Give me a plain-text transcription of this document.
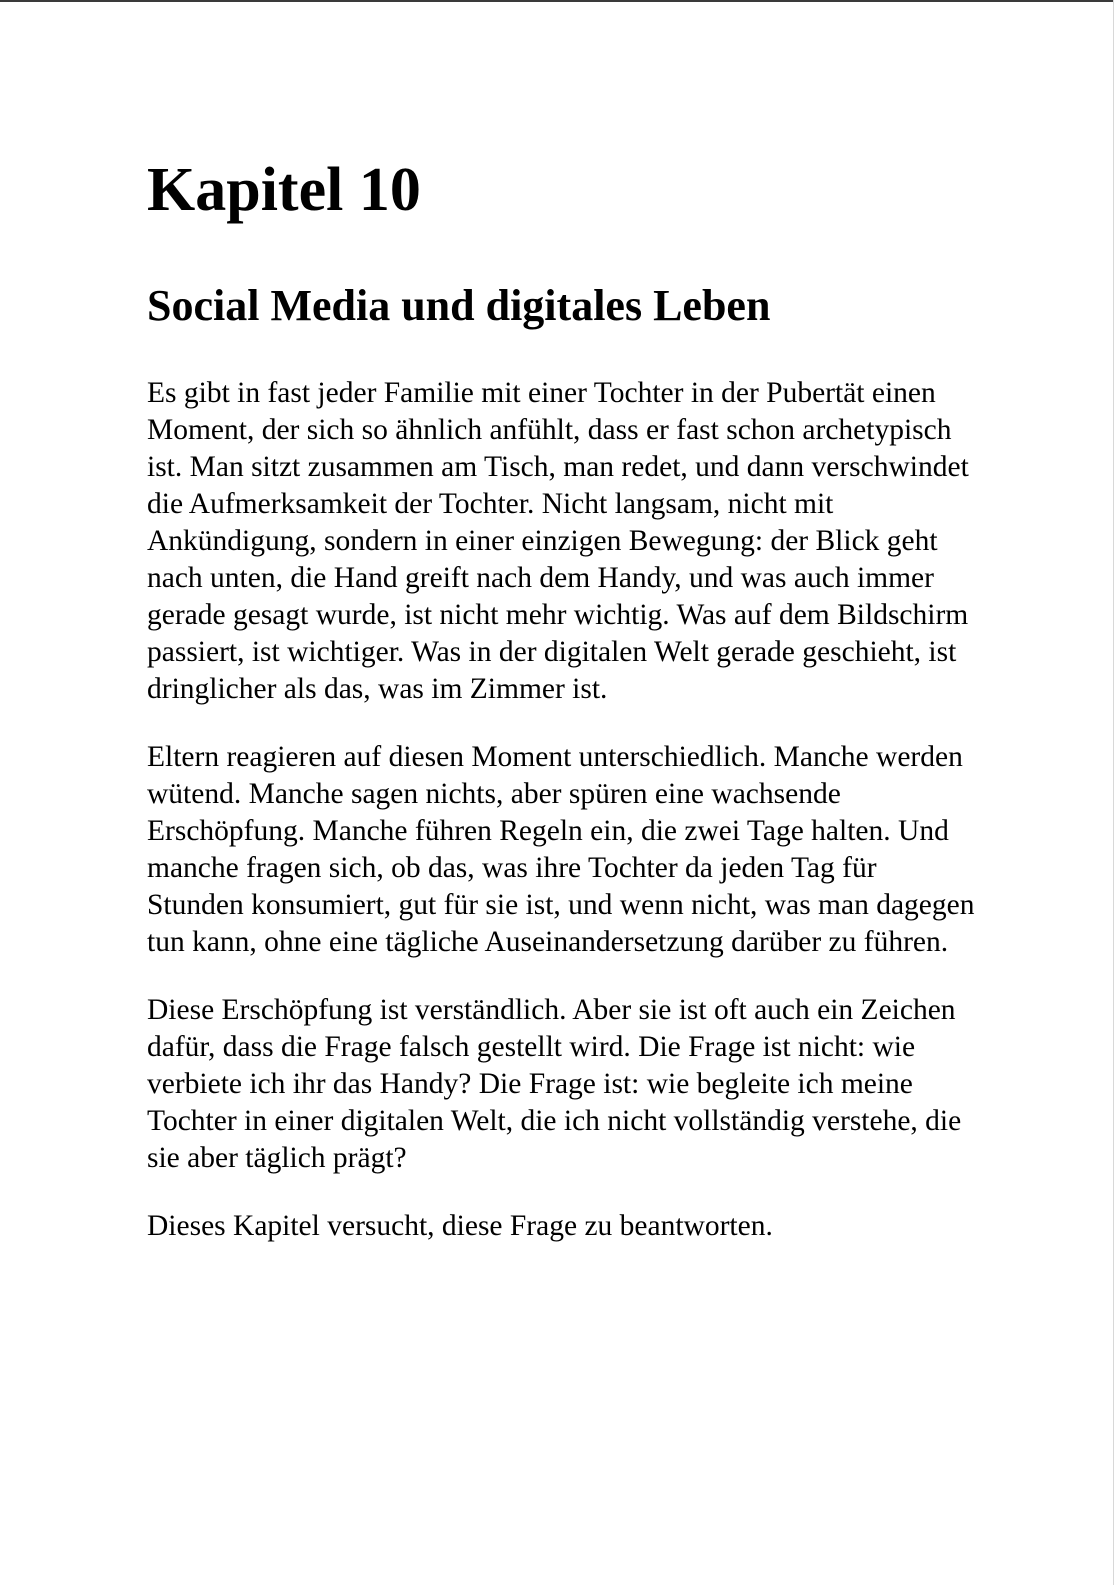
Kapitel 10
Social Media und digitales Leben

Es gibt in fast jeder Familie mit einer Tochter in der Pubertät einen Moment, der sich so ähnlich anfühlt, dass er fast schon archetypisch ist. Man sitzt zusammen am Tisch, man redet, und dann verschwindet die Aufmerksamkeit der Tochter. Nicht langsam, nicht mit Ankündigung, sondern in einer einzigen Bewegung: der Blick geht nach unten, die Hand greift nach dem Handy, und was auch immer gerade gesagt wurde, ist nicht mehr wichtig. Was auf dem Bildschirm passiert, ist wichtiger. Was in der digitalen Welt gerade geschieht, ist dringlicher als das, was im Zimmer ist.

Eltern reagieren auf diesen Moment unterschiedlich. Manche werden wütend. Manche sagen nichts, aber spüren eine wachsende Erschöpfung. Manche führen Regeln ein, die zwei Tage halten. Und manche fragen sich, ob das, was ihre Tochter da jeden Tag für Stunden konsumiert, gut für sie ist, und wenn nicht, was man dagegen tun kann, ohne eine tägliche Auseinandersetzung darüber zu führen.

Diese Erschöpfung ist verständlich. Aber sie ist oft auch ein Zeichen dafür, dass die Frage falsch gestellt wird. Die Frage ist nicht: wie verbiete ich ihr das Handy? Die Frage ist: wie begleite ich meine Tochter in einer digitalen Welt, die ich nicht vollständig verstehe, die sie aber täglich prägt?

Dieses Kapitel versucht, diese Frage zu beantworten.
